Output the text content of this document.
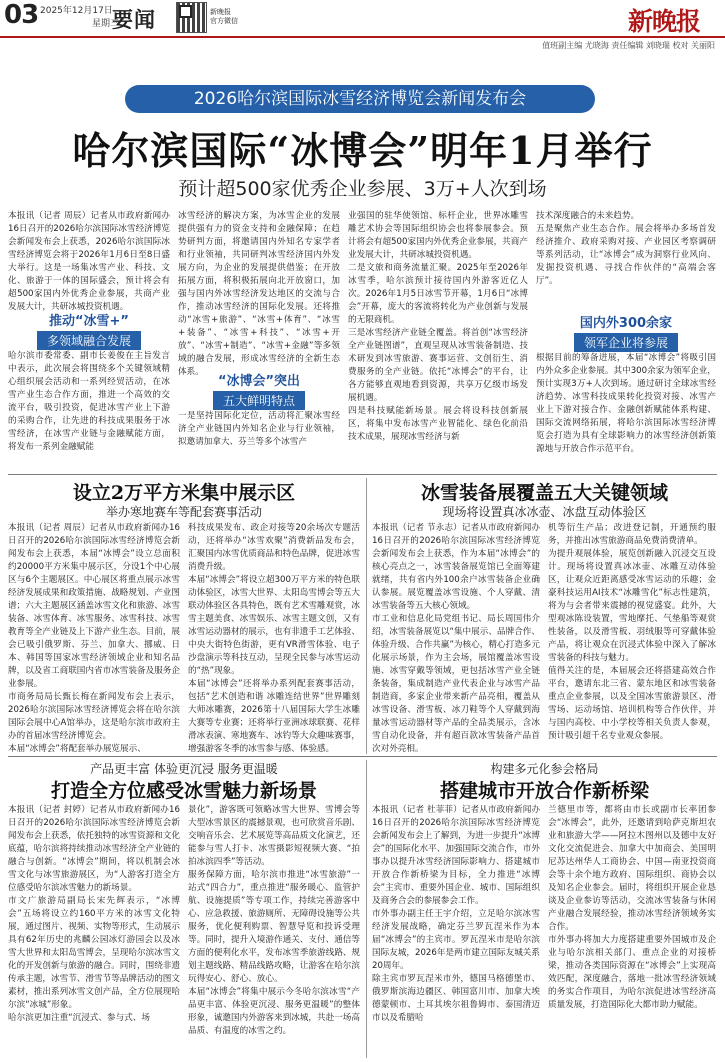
03 2025年12月17日
星期三
要闻	新晚报
官方微信	新晚报
值班副主编 尤晓海 责任编辑 刘晓瑞 校对 关丽阳
2026哈尔滨国际冰雪经济博览会新闻发布会
哈尔滨国际“冰博会”明年1月举行
预计超500家优秀企业参展、3万+人次到场
本报讯（记者 周辰）记者从市政府新闻办16日召开的2026哈尔滨国际冰雪经济博览会新闻发布会上获悉，2026哈尔滨国际冰雪经济博览会将于2026年1月6日至8日盛大举行。这是一场集冰雪产业、科技、文化、旅游于一体的国际盛会，预计将会有超500家国内外优秀企业参展，共商产业发展大计，共研冰城投资机遇。
推动“冰雪+”
多领域融合发展
哈尔滨市委常委、副市长姜俊在主旨发言中表示，此次展会将围绕多个关键领域精心组织展会活动和一系列经贸活动，在冰雪产业生态合作方面，推进一个高效的交流平台，吸引投资，促进冰雪产业上下游的采购合作，让先进的科技成果服务于冰雪经济，在冰雪产业链与金融赋能方面，将发布一系列金融赋能
冰雪经济的解决方案，为冰雪企业的发展提供强有力的资金支持和金融保障；在趋势研判方面，将邀请国内外知名专家学者和行业领袖，共同研判冰雪经济国内外发展方向，为企业的发展提供借鉴；在开放拓展方面，将积极拓展向北开放窗口，加强与国内外冰雪经济发达地区的交流与合作，推动冰雪经济的国际化发展。还将推动“冰雪+旅游”、“冰雪+体育”、“冰雪+装备”、“冰雪+科技”、“冰雪+开放”、“冰雪+制造”、“冰雪+金融”等多领域的融合发展，形成冰雪经济的全新生态体系。
“冰博会”突出
五大鲜明特点
一是坚持国际化定位，活动将汇聚冰雪经济全产业链国内外知名企业与行业领袖，拟邀请加拿大、芬兰等多个冰雪产
业强国的驻华使领馆、标杆企业，世界冰雕雪雕艺术协会等国际组织协会也将参展参会。预计将会有超500家国内外优秀企业参展，共商产业发展大计，共研冰城投资机遇。
二是文旅和商务流量汇聚。2025年至2026年冰雪季，哈尔滨预计接待国内外游客近亿人次。2026年1月5日冰雪节开幕，1月6日“冰博会”开幕，庞大的客流将转化为产业创新与发展的无限商机。
三是冰雪经济产业链全覆盖。将首创“冰雪经济全产业链图谱”，直观呈现从冰雪装备制造、技术研发到冰雪旅游、赛事运营、文创衍生、消费服务的全产业链。依托“冰博会”的平台，让各方能够直观地看到资源，共享万亿级市场发展机遇。
四是科技赋能新场景。展会将设科技创新展区，将集中发布冰雪产业智能化、绿色化前沿技术成果，展现冰雪经济与新
技术深度融合的未来趋势。
五是聚焦产业生态合作。展会将举办多场首发经济推介、政府采购对接、产业园区考察调研等系列活动，让“冰博会”成为洞察行业风向、发掘投资机遇、寻找合作伙伴的“高端会客厅”。
国内外300余家
领军企业将参展
根据目前的筹备进展，本届“冰博会”将吸引国内外众多企业参展。其中300余家为领军企业，预计实现3万+人次到场。通过研讨全球冰雪经济趋势、冰雪科技成果转化投资对接、冰雪产业上下游对接合作、金融创新赋能体系构建、国际交流网络拓展，将哈尔滨国际冰雪经济博览会打造为具有全球影响力的冰雪经济创新策源地与开放合作示范平台。
设立2万平方米集中展示区
举办寒地赛车等配套赛事活动
本报讯（记者 周辰）记者从市政府新闻办16日召开的2026哈尔滨国际冰雪经济博览会新闻发布会上获悉，本届“冰博会”设立总面积约20000平方米集中展示区，分设1个中心展区与6个主题展区。中心展区将重点展示冰雪经济发展成果和政策措施、战略规划、产业图谱；六大主题展区涵盖冰雪文化和旅游、冰雪装备、冰雪体育、冰雪服务、冰雪科技、冰雪教育等全产业链及上下游产业生态。目前，展会已吸引俄罗斯、芬兰、加拿大、挪威、日本、韩国等国家冰雪经济领域企业和知名品牌，以及省工商联国内省市冰雪装备及服务企业参展。
市商务局局长甄长梅在新闻发布会上表示，2026哈尔滨国际冰雪经济博览会将在哈尔滨国际会展中心A馆举办，这是哈尔滨市政府主办的首届冰雪经济博览会。
本届“冰博会”将配套举办展览展示、
科技成果发布、政企对接等20余场次专题活动，还将举办“冰雪欢聚”消费新品发布会，汇聚国内冰雪优质商品和特色品牌，促进冰雪消费升级。
本届“冰博会”将设立超300万平方米的特色联动体验区，冰雪大世界、太阳岛雪博会等五大联动体验区各具特色，既有艺术雪雕观赏，冰雪主题美食、冰雪娱乐、冰雪主题文创，又有冰雪运动器材的展示，也有非遗手工艺体验、中央大街特色街游，更有VR滑雪体验、电子沙盘演示等科技互动，呈现全民参与冰雪运动的“热”现象。
本届“冰博会”还将举办系列配套赛事活动，包括“艺术创造和谐 冰雕连结世界”世界雕刻大师冰雕赛，2026第十八届国际大学生冰雕大赛等专业赛；还将举行亚洲冰球联赛、花样滑冰表演、寒地赛车、冰钓等大众趣味赛事，增强游客冬季的冰雪参与感、体验感。
冰雪装备展覆盖五大关键领域
现场将设置真冰冰壶、冰盘互动体验区
本报讯（记者 节永志）记者从市政府新闻办16日召开的2026哈尔滨国际冰雪经济博览会新闻发布会上获悉，作为本届“冰博会”的核心亮点之一，冰雪装备展览馆已全面筹建就绪，共有省内外100余户冰雪装备企业确认参展。展览覆盖冰雪设施、个人穿戴、清冰雪装备等五大核心领域。
市工业和信息化局党组书记、局长周国伟介绍，冰雪装备展览以“集中展示、品牌合作、体验升级、合作共赢”为核心，精心打造多元化展示场景，作为主会场，展馆覆盖冰雪设施、冰雪穿戴等领域，更包括冰雪产业全链条装备，集成制造产业代表企业与冰雪产品制造商，多家企业带来新产品亮相，覆盖从冰雪设备、滑雪板、冰刀鞋等个人穿戴到海量冰雪运动器材等产品的全品类展示，含冰雪自动化设备，并有超百款冰雪装备产品首次对外亮相。
机等衍生产品；改进登记制，开通预约服务，并推出冰雪旅游商品免费消费清单。
为提升观展体验，展览创新融入沉浸交互设计。现场将设置真冰冰壶、冰雕互动体验区，让观众近距离感受冰雪运动的乐趣；金豪科技运用AI技术“冰雕雪化”标志性建筑，将为与会者带来震撼的视觉盛宴。此外，大型观冰陈设装置，雪地摩托、气垫船等观赏性装备，以及滑雪板、羽绒服等可穿戴体验产品，将让观众在沉浸式体验中深入了解冰雪装备的科技与魅力。
值得关注的是，本届展会还将搭建高效合作平台，邀请东北三省、蒙东地区和冰雪装备重点企业参展，以及全国冰雪旅游景区、滑雪场、运动场馆、培训机构等合作伙伴，并与国内高校、中小学校等相关负责人参观，预计吸引超千名专业观众参展。
产品更丰富 体验更沉浸 服务更温暖
打造全方位感受冰雪魅力新场景
本报讯（记者 封婷）记者从市政府新闻办16日召开的2026哈尔滨国际冰雪经济博览会新闻发布会上获悉，依托独特的冰雪资源和文化底蕴，哈尔滨将持续推动冰雪经济全产业链的融合与创新。“冰博会”期间，将以机制会冰雪文化与冰雪旅游展区，为“人游客打造全方位感受哈尔滨冰雪魅力的新场景。
市文广旅游局副局长宋先辉表示，“冰博会”五场将设立约160平方米的冰雪文化特展，通过图片、视频、实物等形式，生动展示具有62年历史的兆麟公园冰灯游园会以及冰雪大世界和太阳岛雪博会，呈现哈尔滨冰雪文化的开发创新与旅游的融合。同时，围绕非遗传承主题，冰雪节、滑雪节等品牌活动的图文素材，推出系列冰雪文创产品，全方位展现哈尔滨“冰城”形象。
哈尔滨更加注重“沉浸式、参与式、场
景化”，游客既可领略冰雪大世界、雪博会等大型冰雪景区的震撼景观，也可欣赏音乐剧、交响音乐会、艺术展览等高品质文化演艺，还能参与雪人打卡、冰雪摄影短视频大赛、“拍拍冰滨四季”等活动。
服务保障方面，哈尔滨市推进“冰雪旅游”一站式“四合力”，重点推进“服务暖心、监管护航、设施提质”等专项工作，持续完善游客中心、应急救援、旅游厕所、无障碍设施等公共服务，优化便利购票、智慧导览和投诉受理等。同时，提升入境游作通关、支付、通信等方面的便利化水平，发布冰雪季旅游线路、规划主题线路、精品线路攻略，让游客在哈尔滨玩得安心、舒心、放心。
本届“冰博会”将集中展示今冬哈尔滨冰雪“产品更丰富、体验更沉浸、服务更温暖”的整体形象，诚邀国内外游客来到冰城，共赴一场高品质、有温度的冰雪之约。
构建多元化参会格局
搭建城市开放合作新桥梁
本报讯（记者 杜菲菲）记者从市政府新闻办16日召开的2026哈尔滨国际冰雪经济博览会新闻发布会上了解到，为进一步提升“冰博会”的国际化水平、加强国际交流合作，市外事办以提升冰雪经济国际影响力、搭建城市开放合作新桥梁为目标，全力推进“冰博会”主宾市、重要外国企业、城市、国际组织及商务合会的参展参会工作。
市外事办副主任王宇介绍，立足哈尔滨冰雪经济发展战略，确定芬兰罗瓦涅米作为本届“冰博会”的主宾市。罗瓦涅米市是哈尔滨国际友城，2026年是两市建立国际友城关系20周年。
除主宾市罗瓦涅米市外，德国马格德堡市、俄罗斯滨海边疆区、韩国富川市、加拿大埃德蒙顿市、土耳其埃尔祖鲁姆市、泰国清迈市以及希腊哈
兰德里市等，都将由市长或副市长率团参会“冰博会”，此外，还邀请到哈萨克斯坦农业和旅游大学——阿拉木图州以及德中友好文化交流促进会、加拿大中加商会、美国明尼苏达州华人工商协会、中国—南亚投资商会等十余个地方政府、国际组织、商协会以及知名企业参会。届时，将组织开展企业恳谈及企业参访等活动，交流冰雪装备与休闲产业融合发展经验，推动冰雪经济领域务实合作。
市外事办将加大力度搭建重要外国城市及企业与哈尔滨相关部门、重点企业的对接桥梁，推动各类国际资源在“冰博会”上实现高效匹配，深度融合，落地一批冰雪经济领域的务实合作项目，为哈尔滨促进冰雪经济高质量发展，打造国际化大都市助力赋能。
